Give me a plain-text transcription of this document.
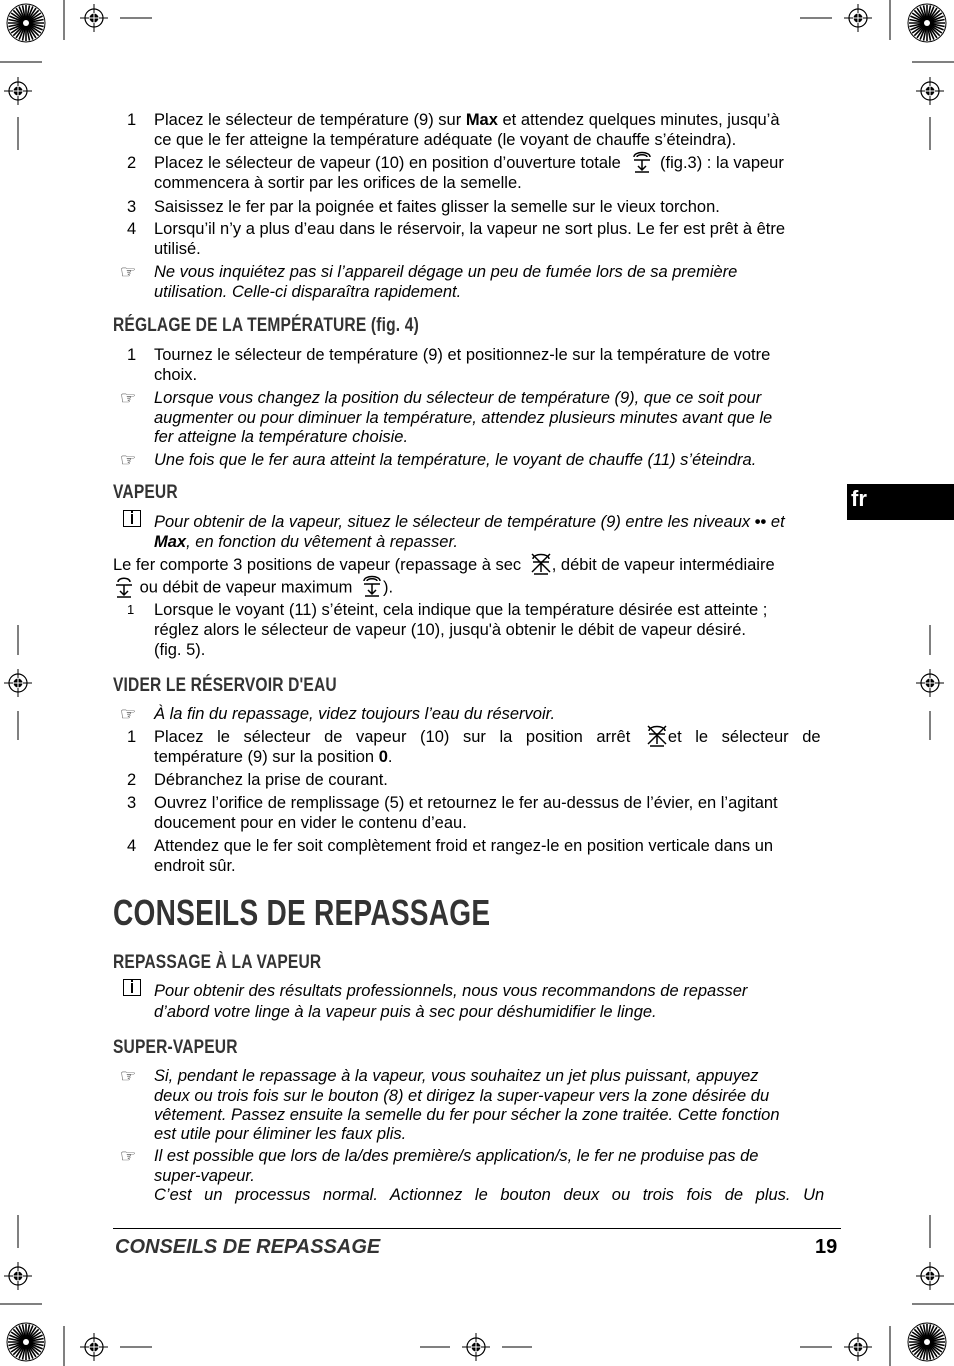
fr
1 Placez le sélecteur de température (9) sur Max et attendez quelques minutes, jusqu’à
ce que le fer atteigne la température adéquate (le voyant de chauffe s’éteindra).
2 Placez le sélecteur de vapeur (10) en position d’ouverture totale  (fig.3) : la vapeur
commencera à sortir par les orifices de la semelle.
3 Saisissez le fer par la poignée et faites glisser la semelle sur le vieux torchon.
4 Lorsqu’il n’y a plus d’eau dans le réservoir, la vapeur ne sort plus. Le fer est prêt à être
utilisé.
☞ Ne vous inquiétez pas si l’appareil dégage un peu de fumée lors de sa première
utilisation. Celle-ci disparaîtra rapidement.
RÉGLAGE DE LA TEMPÉRATURE (fig. 4)
1 Tournez le sélecteur de température (9) et positionnez-le sur la température de votre
choix.
☞ Lorsque vous changez la position du sélecteur de température (9), que ce soit pour
augmenter ou pour diminuer la température, attendez plusieurs minutes avant que le
fer atteigne la température choisie.
☞ Une fois que le fer aura atteint la température, le voyant de chauffe (11) s’éteindra.
VAPEUR
Pour obtenir de la vapeur, situez le sélecteur de température (9) entre les niveaux •• et
Max, en fonction du vêtement à repasser.
Le fer comporte 3 positions de vapeur (repassage à sec , débit de vapeur intermédiaire
ou débit de vapeur maximum ).
1 Lorsque le voyant (11) s’éteint, cela indique que la température désirée est atteinte ;
réglez alors le sélecteur de vapeur (10), jusqu'à obtenir le débit de vapeur désiré.
(fig. 5).
VIDER LE RÉSERVOIR D'EAU
☞ À la fin du repassage, videz toujours l’eau du réservoir.
1 Placez le sélecteur de vapeur (10) sur la position arrêt et le sélecteur de
température (9) sur la position 0.
2 Débranchez la prise de courant.
3 Ouvrez l’orifice de remplissage (5) et retournez le fer au-dessus de l’évier, en l’agitant
doucement pour en vider le contenu d’eau.
4 Attendez que le fer soit complètement froid et rangez-le en position verticale dans un
endroit sûr.
CONSEILS DE REPASSAGE
REPASSAGE À LA VAPEUR
Pour obtenir des résultats professionnels, nous vous recommandons de repasser
d’abord votre linge à la vapeur puis à sec pour déshumidifier le linge.
SUPER-VAPEUR
☞ Si, pendant le repassage à la vapeur, vous souhaitez un jet plus puissant, appuyez
deux ou trois fois sur le bouton (8) et dirigez la super-vapeur vers la zone désirée du
vêtement. Passez ensuite la semelle du fer pour sécher la zone traitée. Cette fonction
est utile pour éliminer les faux plis.
☞ Il est possible que lors de la/des première/s application/s, le fer ne produise pas de
super-vapeur.
C’est un processus normal. Actionnez le bouton deux ou trois fois de plus. Un
CONSEILS DE REPASSAGE	19
